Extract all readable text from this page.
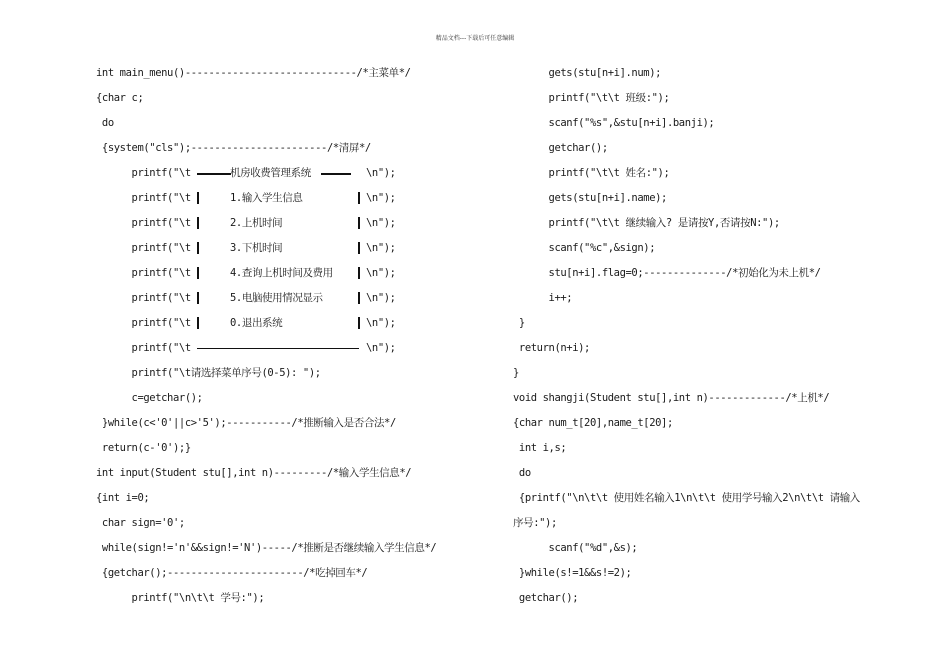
精品文档---下载后可任意编辑
int main_menu()-----------------------------/*主菜单*/
{char c;
do
{system("cls");-----------------------/*清屏*/
printf("\t
printf("\t
printf("\t
printf("\t
printf("\t
printf("\t
printf("\t
printf("\t
printf("\t请选择菜单序号(0-5): ");
c=getchar();
}while(c<'0'||c>'5');-----------/*推断输入是否合法*/
return(c-'0');}
int input(Student stu[],int n)---------/*输入学生信息*/
{int i=0;
char sign='0';
while(sign!='n'&&sign!='N')-----/*推断是否继续输入学生信息*/
{getchar();-----------------------/*吃掉回车*/
printf("\n\t\t 学号:");
机房收费管理系统	\n");
1.输入学生信息	\n");
2.上机时间	\n");
3.下机时间	\n");
4.查询上机时间及费用	\n");
5.电脑使用情况显示	\n");
0.退出系统	\n");
\n");
gets(stu[n+i].num);
printf("\t\t 班级:");
scanf("%s",&stu[n+i].banji);
getchar();
printf("\t\t 姓名:");
gets(stu[n+i].name);
printf("\t\t 继续输入? 是请按Y,否请按N:");
scanf("%c",&sign);
stu[n+i].flag=0;--------------/*初始化为未上机*/
i++;
}
return(n+i);
}
void shangji(Student stu[],int n)-------------/*上机*/
{char num_t[20],name_t[20];
int i,s;
do
{printf("\n\t\t 使用姓名输入1\n\t\t 使用学号输入2\n\t\t 请输入
序号:");
scanf("%d",&s);
}while(s!=1&&s!=2);
getchar();
